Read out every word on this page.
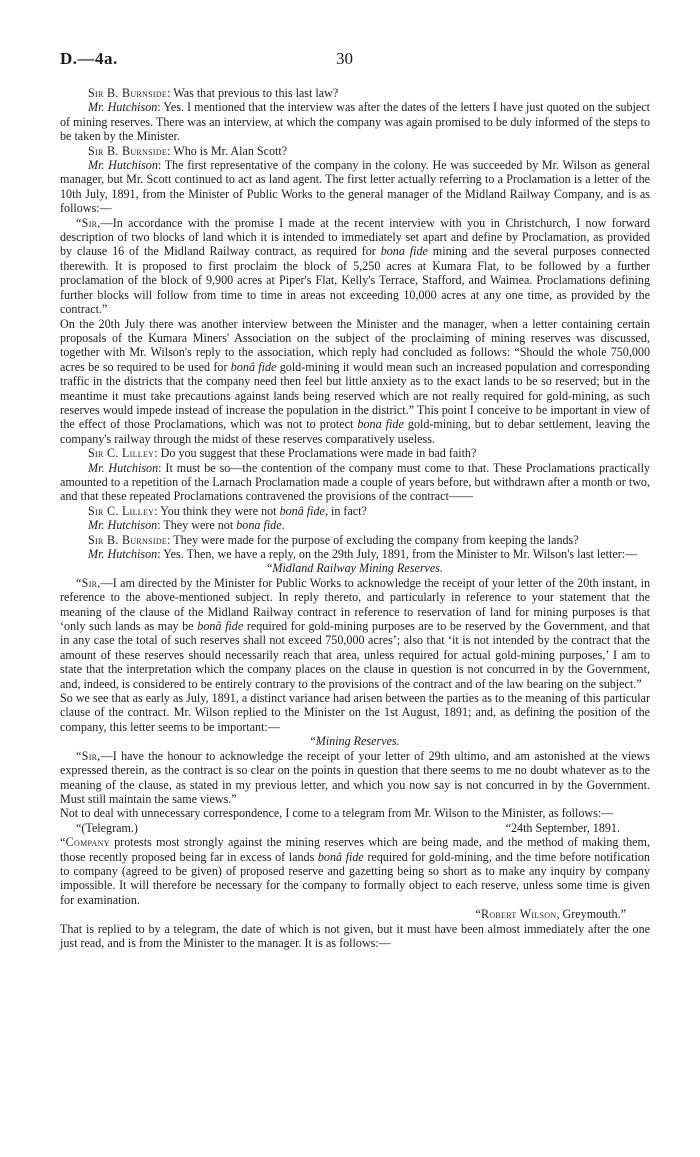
D.—4a.	30

Sir B. Burnside: Was that previous to this last law?

Mr. Hutchison: Yes. I mentioned that the interview was after the dates of the letters I have just quoted on the subject of mining reserves. There was an interview, at which the company was again promised to be duly informed of the steps to be taken by the Minister.

Sir B. Burnside: Who is Mr. Alan Scott?

Mr. Hutchison: The first representative of the company in the colony. He was succeeded by Mr. Wilson as general manager, but Mr. Scott continued to act as land agent. The first letter actually referring to a Proclamation is a letter of the 10th July, 1891, from the Minister of Public Works to the general manager of the Midland Railway Company, and is as follows:—

“Sir,—In accordance with the promise I made at the recent interview with you in Christchurch, I now forward description of two blocks of land which it is intended to immediately set apart and define by Proclamation, as provided by clause 16 of the Midland Railway contract, as required for bona fide mining and the several purposes connected therewith. It is proposed to first proclaim the block of 5,250 acres at Kumara Flat, to be followed by a further proclamation of the block of 9,900 acres at Piper's Flat, Kelly's Terrace, Stafford, and Waimea. Proclamations defining further blocks will follow from time to time in areas not exceeding 10,000 acres at any one time, as provided by the contract.”

On the 20th July there was another interview between the Minister and the manager, when a letter containing certain proposals of the Kumara Miners' Association on the subject of the proclaiming of mining reserves was discussed, together with Mr. Wilson's reply to the association, which reply had concluded as follows: “Should the whole 750,000 acres be so required to be used for bonâ fide gold-mining it would mean such an increased population and corresponding traffic in the districts that the company need then feel but little anxiety as to the exact lands to be so reserved; but in the meantime it must take precautions against lands being reserved which are not really required for gold-mining, as such reserves would impede instead of increase the population in the district.” This point I conceive to be important in view of the effect of those Proclamations, which was not to protect bona fide gold-mining, but to debar settlement, leaving the company's railway through the midst of these reserves comparatively useless.

Sir C. Lilley: Do you suggest that these Proclamations were made in bad faith?

Mr. Hutchison: It must be so—the contention of the company must come to that. These Proclamations practically amounted to a repetition of the Larnach Proclamation made a couple of years before, but withdrawn after a month or two, and that these repeated Proclamations contravened the provisions of the contract——

Sir C. Lilley: You think they were not bonâ fide, in fact?

Mr. Hutchison: They were not bona fide.

Sir B. Burnside: They were made for the purpose of excluding the company from keeping the lands?

Mr. Hutchison: Yes. Then, we have a reply, on the 29th July, 1891, from the Minister to Mr. Wilson's last letter:—

“Midland Railway Mining Reserves.

“Sir,—I am directed by the Minister for Public Works to acknowledge the receipt of your letter of the 20th instant, in reference to the above-mentioned subject. In reply thereto, and particularly in reference to your statement that the meaning of the clause of the Midland Railway contract in reference to reservation of land for mining purposes is that ‘only such lands as may be bonâ fide required for gold-mining purposes are to be reserved by the Government, and that in any case the total of such reserves shall not exceed 750,000 acres’; also that ‘it is not intended by the contract that the amount of these reserves should necessarily reach that area, unless required for actual gold-mining purposes,’ I am to state that the interpretation which the company places on the clause in question is not concurred in by the Government, and, indeed, is considered to be entirely contrary to the provisions of the contract and of the law bearing on the subject.”

So we see that as early as July, 1891, a distinct variance had arisen between the parties as to the meaning of this particular clause of the contract. Mr. Wilson replied to the Minister on the 1st August, 1891; and, as defining the position of the company, this letter seems to be important:—

“Mining Reserves.

“Sir,—I have the honour to acknowledge the receipt of your letter of 29th ultimo, and am astonished at the views expressed therein, as the contract is so clear on the points in question that there seems to me no doubt whatever as to the meaning of the clause, as stated in my previous letter, and which you now say is not concurred in by the Government. Must still maintain the same views.”

Not to deal with unnecessary correspondence, I come to a telegram from Mr. Wilson to the Minister, as follows:—

“(Telegram.)	“24th September, 1891.

“Company protests most strongly against the mining reserves which are being made, and the method of making them, those recently proposed being far in excess of lands bonâ fide required for gold-mining, and the time before notification to company (agreed to be given) of proposed reserve and gazetting being so short as to make any inquiry by company impossible. It will therefore be necessary for the company to formally object to each reserve, unless some time is given for examination.

“Robert Wilson, Greymouth.”

That is replied to by a telegram, the date of which is not given, but it must have been almost immediately after the one just read, and is from the Minister to the manager. It is as follows:—
